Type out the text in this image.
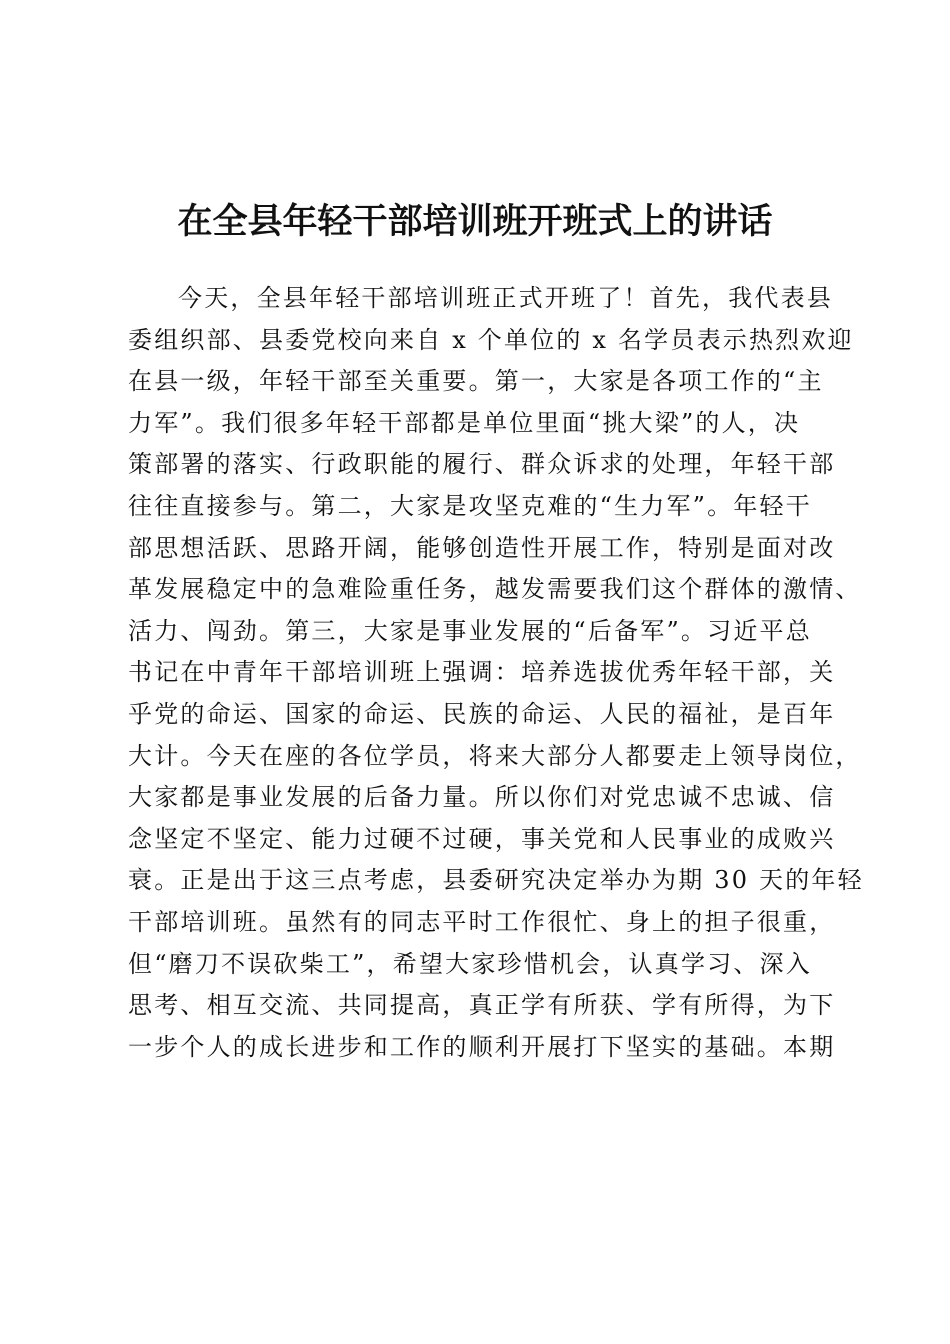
在全县年轻干部培训班开班式上的讲话
今天，全县年轻干部培训班正式开班了！首先，我代表县
委组织部、县委党校向来自 x 个单位的 x 名学员表示热烈欢迎
在县一级，年轻干部至关重要。第一，大家是各项工作的“主
力军”。我们很多年轻干部都是单位里面“挑大梁”的人，决
策部署的落实、行政职能的履行、群众诉求的处理，年轻干部
往往直接参与。第二，大家是攻坚克难的“生力军”。年轻干
部思想活跃、思路开阔，能够创造性开展工作，特别是面对改
革发展稳定中的急难险重任务，越发需要我们这个群体的激情、
活力、闯劲。第三，大家是事业发展的“后备军”。习近平总
书记在中青年干部培训班上强调：培养选拔优秀年轻干部，关
乎党的命运、国家的命运、民族的命运、人民的福祉，是百年
大计。今天在座的各位学员，将来大部分人都要走上领导岗位，
大家都是事业发展的后备力量。所以你们对党忠诚不忠诚、信
念坚定不坚定、能力过硬不过硬，事关党和人民事业的成败兴
衰。正是出于这三点考虑，县委研究决定举办为期 30 天的年轻
干部培训班。虽然有的同志平时工作很忙、身上的担子很重，
但“磨刀不误砍柴工”，希望大家珍惜机会，认真学习、深入
思考、相互交流、共同提高，真正学有所获、学有所得，为下
一步个人的成长进步和工作的顺利开展打下坚实的基础。本期
